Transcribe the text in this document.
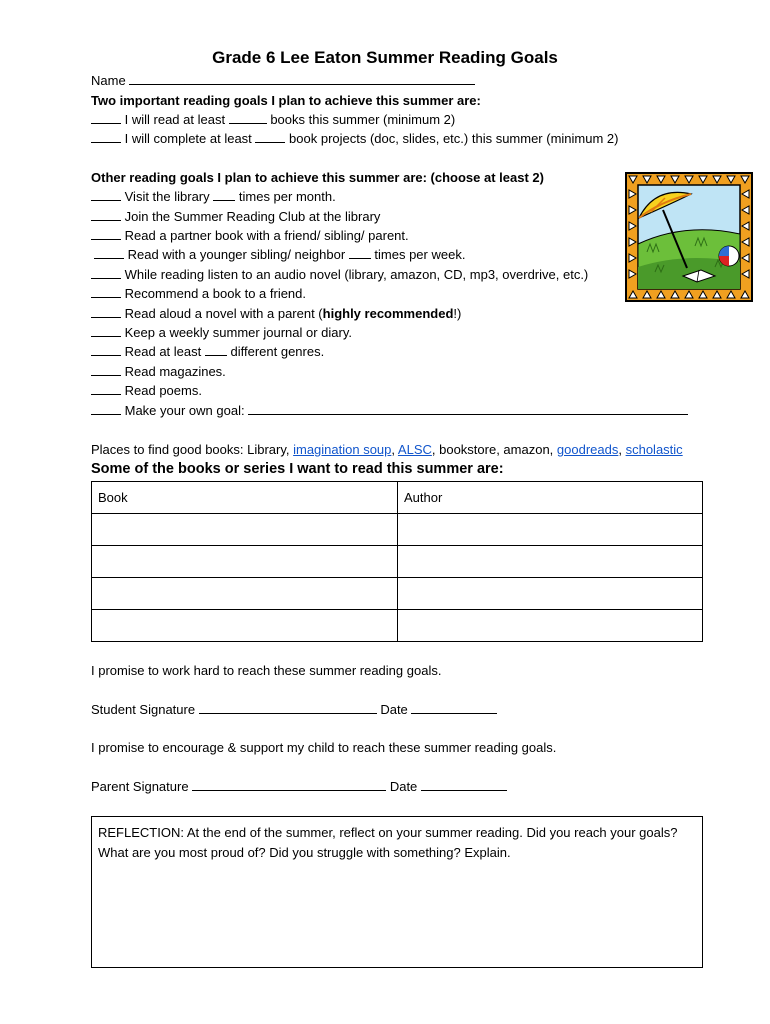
Grade 6 Lee Eaton Summer Reading Goals
Name
Two important reading goals I plan to achieve this summer are:
I will read at least	books this summer (minimum 2)
I will complete at least	book projects (doc, slides, etc.) this summer (minimum 2)
Other reading goals I plan to achieve this summer are: (choose at least 2)
Visit the library times per month.
Join the Summer Reading Club at the library
Read a partner book with a friend/ sibling/ parent.
Read with a younger sibling/ neighbor times per week.
While reading listen to an audio novel (library, amazon, CD, mp3, overdrive, etc.)
Recommend a book to a friend.
Read aloud a novel with a parent (highly recommended!)
Keep a weekly summer journal or diary.
Read at least different genres.
Read magazines.
Read poems.
Make your own goal:
Places to find good books: Library, imagination soup, ALSC, bookstore, amazon, goodreads, scholastic
Some of the books or series I want to read this summer are:
Book	Author

I promise to work hard to reach these summer reading goals.
Student Signature	Date
I promise to encourage & support my child to reach these summer reading goals.
Parent Signature	Date
REFLECTION: At the end of the summer, reflect on your summer reading. Did you reach your goals? What are you most proud of? Did you struggle with something? Explain.
